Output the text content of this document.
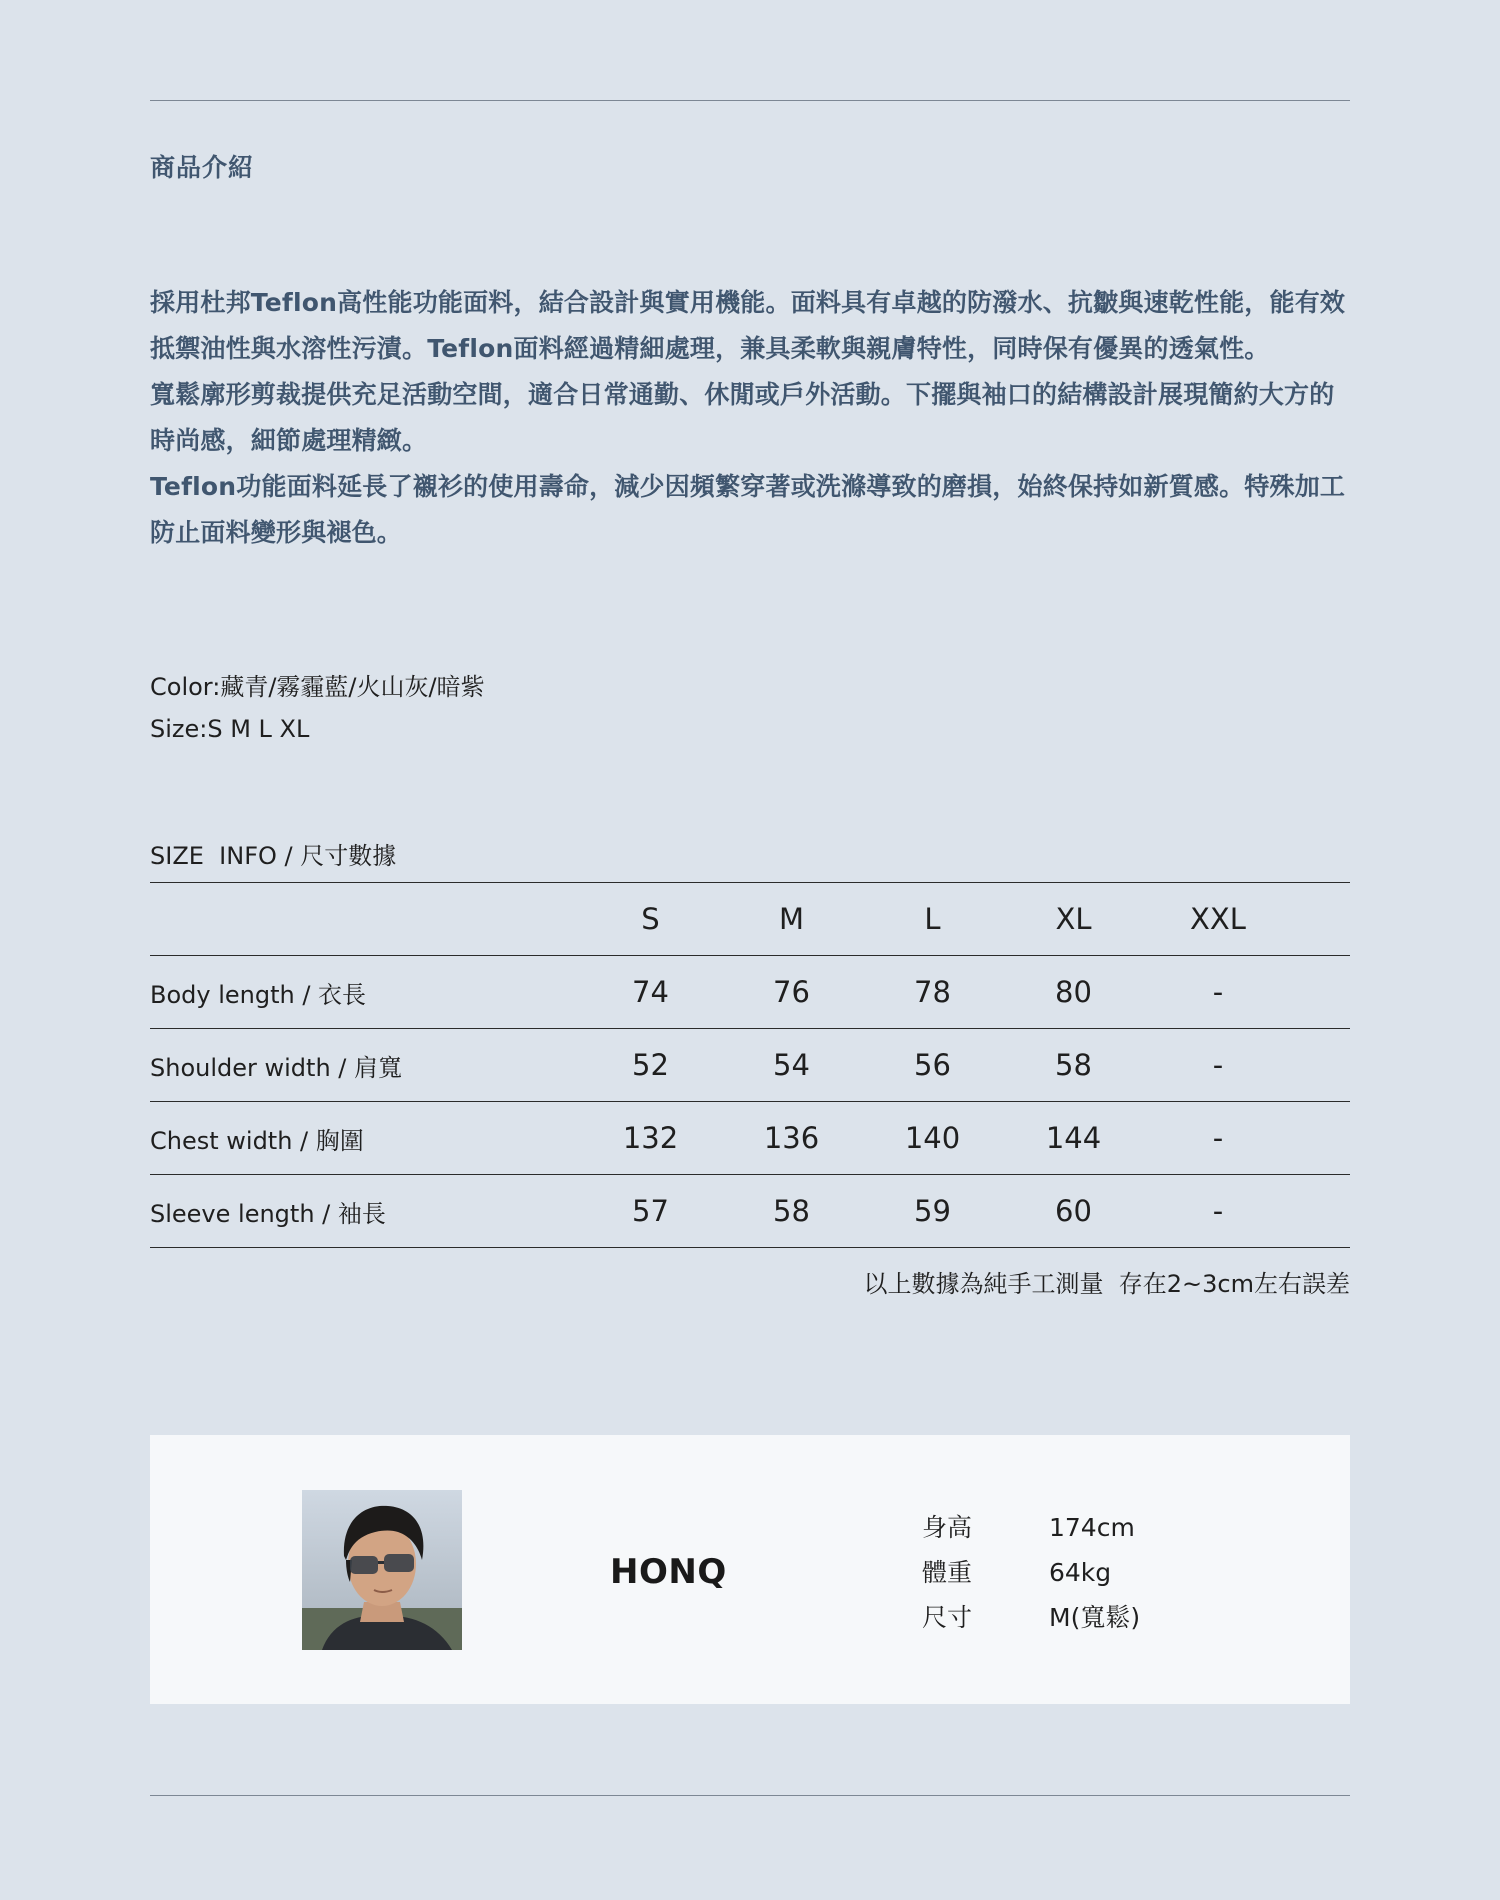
商品介紹

採用杜邦Teflon高性能功能面料，結合設計與實用機能。面料具有卓越的防潑水、抗皺與速乾性能，能有效抵禦油性與水溶性污漬。Teflon面料經過精細處理，兼具柔軟與親膚特性，同時保有優異的透氣性。

寬鬆廓形剪裁提供充足活動空間，適合日常通勤、休閒或戶外活動。下擺與袖口的結構設計展現簡約大方的時尚感，細節處理精緻。

Teflon功能面料延長了襯衫的使用壽命，減少因頻繁穿著或洗滌導致的磨損，始終保持如新質感。特殊加工防止面料變形與褪色。

Color:藏青/霧霾藍/火山灰/暗紫
Size:S M L XL
SIZE  INFO / 尺寸數據
	S	M	L	XL	XXL	
Body length / 衣長	74	76	78	80	-	
Shoulder width / 肩寬	52	54	56	58	-	
Chest width / 胸圍	132	136	140	144	-	
Sleeve length / 袖長	57	58	59	60	-	
以上數據為純手工測量  存在2~3cm左右誤差
HONQ
身高	174cm
體重	64kg
尺寸	M(寬鬆)
